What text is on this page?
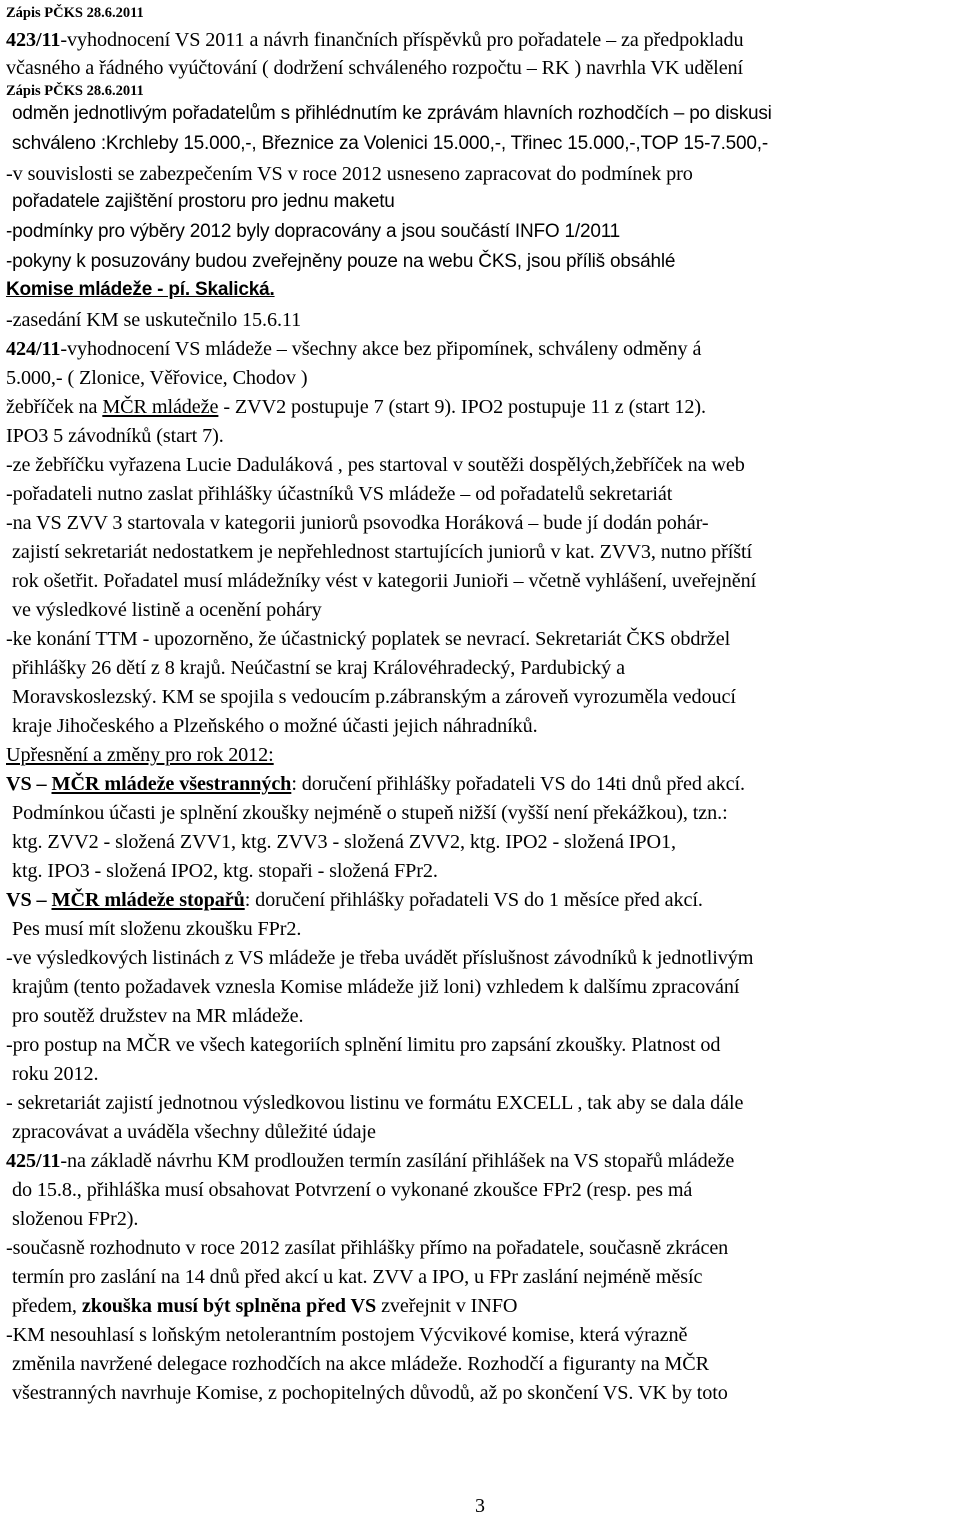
Zápis PČKS 28.6.2011
423/11-vyhodnocení VS 2011 a návrh finančních příspěvků pro pořadatele – za předpokladu
včasného a řádného vyúčtování ( dodržení schváleného rozpočtu – RK ) navrhla VK udělení
Zápis PČKS 28.6.2011
odměn jednotlivým pořadatelům s přihlédnutím ke zprávám hlavních rozhodčích – po diskusi
schváleno :Krchleby 15.000,-, Březnice za Volenici 15.000,-, Třinec 15.000,-,TOP 15-7.500,-
-v souvislosti se zabezpečením VS v roce 2012 usneseno zapracovat do podmínek pro
pořadatele zajištění prostoru pro jednu maketu
-podmínky pro výběry 2012 byly dopracovány a jsou součástí INFO 1/2011
-pokyny k posuzovány budou zveřejněny pouze na webu ČKS, jsou příliš obsáhlé
Komise mládeže - pí. Skalická.
-zasedání KM se uskutečnilo 15.6.11
424/11-vyhodnocení VS mládeže – všechny akce bez připomínek, schváleny odměny á
5.000,- ( Zlonice, Věřovice, Chodov )
žebříček na MČR mládeže - ZVV2 postupuje 7 (start 9). IPO2 postupuje 11 z (start 12).
IPO3 5 závodníků (start 7).
-ze žebříčku vyřazena Lucie Daduláková , pes startoval v soutěži dospělých,žebříček na web
-pořadateli nutno zaslat přihlášky účastníků VS mládeže – od pořadatelů sekretariát
-na VS ZVV 3 startovala v kategorii juniorů psovodka Horáková – bude jí dodán pohár-
zajistí sekretariát nedostatkem je nepřehlednost startujících juniorů v kat. ZVV3, nutno příští
rok ošetřit. Pořadatel musí mládežníky vést v kategorii Junioři – včetně vyhlášení, uveřejnění
ve výsledkové listině a ocenění poháry
-ke konání TTM - upozorněno, že účastnický poplatek se nevrací. Sekretariát ČKS obdržel
přihlášky 26 dětí z 8 krajů. Neúčastní se kraj Královéhradecký, Pardubický a
Moravskoslezský. KM se spojila s vedoucím p.zábranským a zároveň vyrozuměla vedoucí
kraje Jihočeského a Plzeňského o možné účasti jejich náhradníků.
Upřesnění a změny pro rok 2012:
VS – MČR mládeže všestranných: doručení přihlášky pořadateli VS do 14ti dnů před akcí.
Podmínkou účasti je splnění zkoušky nejméně o stupeň nižší (vyšší není překážkou), tzn.:
ktg. ZVV2 - složená ZVV1, ktg. ZVV3 - složená ZVV2, ktg. IPO2 - složená IPO1,
ktg. IPO3 - složená IPO2, ktg. stopaři - složená FPr2.
VS – MČR mládeže stopařů: doručení přihlášky pořadateli VS do 1 měsíce před akcí.
Pes musí mít složenu zkoušku FPr2.
-ve výsledkových listinách z VS mládeže je třeba uvádět příslušnost závodníků k jednotlivým
krajům (tento požadavek vznesla Komise mládeže již loni) vzhledem k dalšímu zpracování
pro soutěž družstev na MR mládeže.
-pro postup na MČR ve všech kategoriích splnění limitu pro zapsání zkoušky. Platnost od
roku 2012.
- sekretariát zajistí jednotnou výsledkovou listinu ve formátu EXCELL , tak aby se dala dále
zpracovávat a uváděla všechny důležité údaje
425/11-na základě návrhu KM prodloužen termín zasílání přihlášek na VS stopařů mládeže
do 15.8., přihláška musí obsahovat Potvrzení o vykonané zkoušce FPr2 (resp. pes má
složenou FPr2).
-současně rozhodnuto v roce 2012 zasílat přihlášky přímo na pořadatele, současně zkrácen
termín pro zaslání na 14 dnů před akcí u kat. ZVV a IPO, u FPr zaslání nejméně měsíc
předem, zkouška musí být splněna před VS zveřejnit v INFO
-KM nesouhlasí s loňským netolerantním postojem Výcvikové komise, která výrazně
změnila navržené delegace rozhodčích na akce mládeže. Rozhodčí a figuranty na MČR
všestranných navrhuje Komise, z pochopitelných důvodů, až po skončení VS. VK by toto
3
